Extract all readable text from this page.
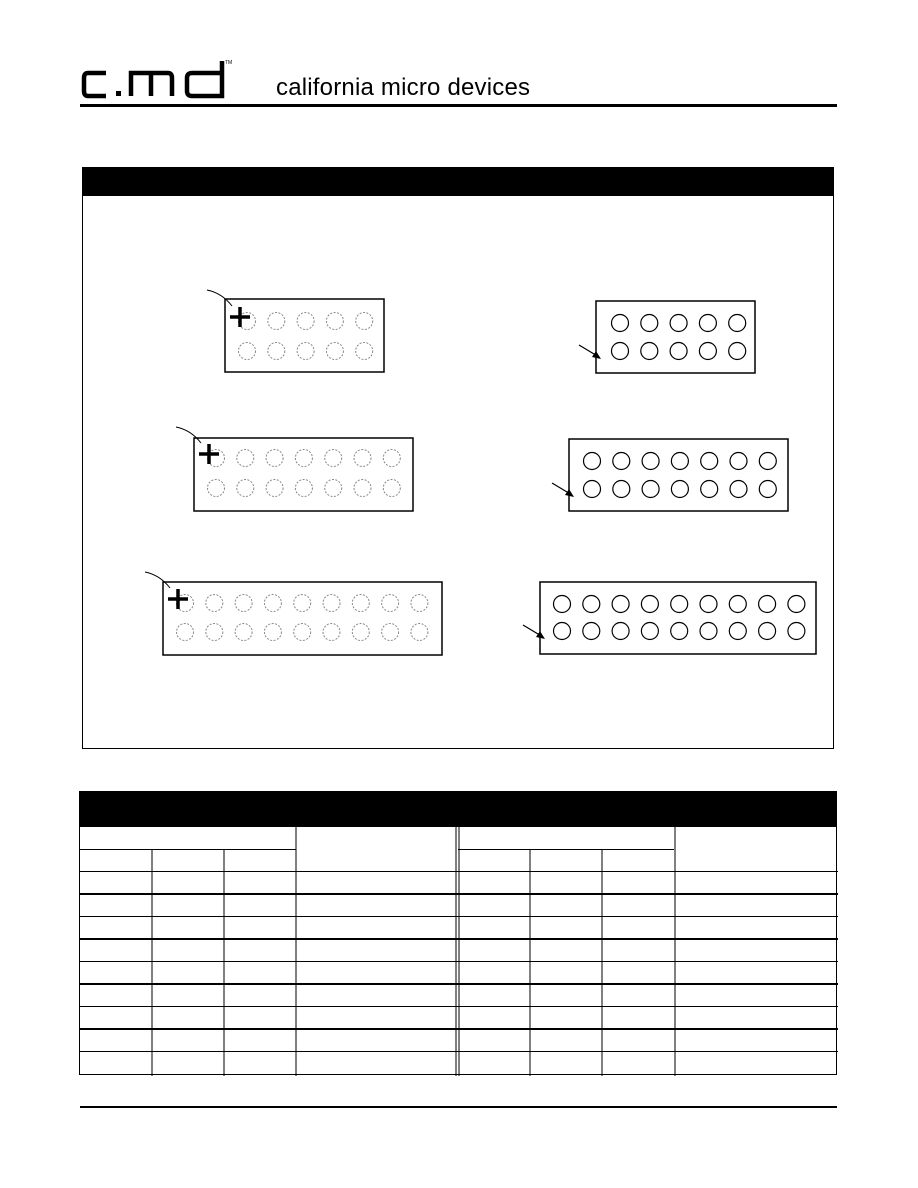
TM
california micro devices
